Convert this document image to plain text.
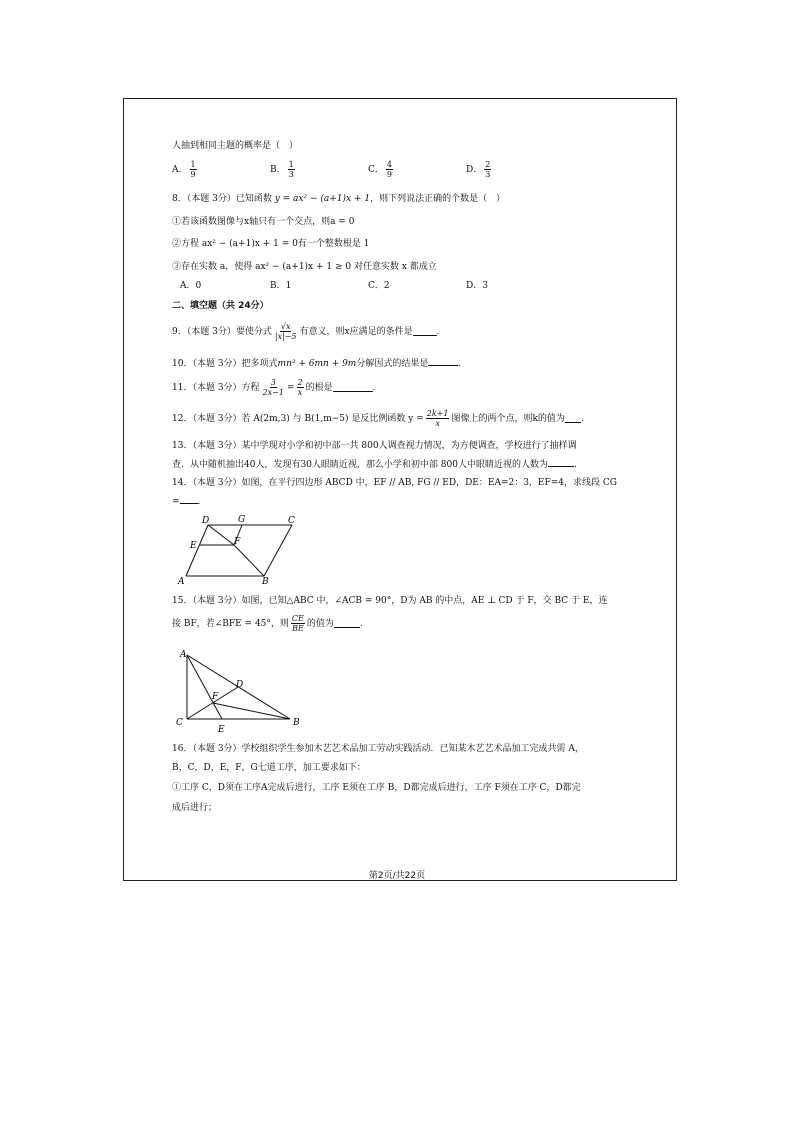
人抽到相同主题的概率是（　）
A． $\frac{1}{9}$	B． $\frac{1}{3}$	C． $\frac{4}{9}$	D． $\frac{2}{3}$
8．（本题 3分）已知函数 y = ax² − (a+1)x + 1，则下列说法正确的个数是（　）
①若该函数图像与x轴只有一个交点，则a = 0
②方程 ax² − (a+1)x + 1 = 0有一个整数根是 1
③存在实数 a，使得 ax² − (a+1)x + 1 ≥ 0 对任意实数 x 都成立
A．0	B．1	C．2	D．3
二、填空题（共 24分）
9．（本题 3分）要使分式 $\frac{√x}{|x|-5}$ 有意义，则x应满足的条件是	.
10．（本题 3分）把多项式mn² + 6mn + 9m分解因式的结果是	.
11．（本题 3分）方程 $\frac{3}{2x-1} = \frac{2}{x}$ 的根是	.
12．（本题 3分）若 A(2m,3) 与 B(1,m−5) 是反比例函数 $y = \frac{2k+1}{x}$ 图像上的两个点，则k的值为 .
13．（本题 3分）某中学现对小学和初中部一共 800人调查视力情况，为方便调查，学校进行了抽样调
查．从中随机抽出40人，发现有30人眼睛近视，那么小学和初中部 800人中眼睛近视的人数为	.
14．（本题 3分）如图，在平行四边形 ABCD 中，EF // AB, FG // ED，DE：EA=2：3，EF=4，求线段 CG
= .
A	B
C
D
E	F
G
15．（本题 3分）如图，已知△ABC 中，∠ACB = 90°，D为 AB 的中点，AE ⊥ CD 于 F，交 BC 于 E，连
接 BF，若∠BFE = 45°，则 $\frac{CE}{BE}$ 的值为	.
A
B
C
D
E
F
16．（本题 3分）学校组织学生参加木艺艺术品加工劳动实践活动．已知某木艺艺术品加工完成共需 A，
B，C，D，E，F，G七道工序，加工要求如下：
①工序 C，D须在工序A完成后进行，工序 E须在工序 B，D都完成后进行，工序 F须在工序 C，D都完
成后进行；
第2页/共22页
